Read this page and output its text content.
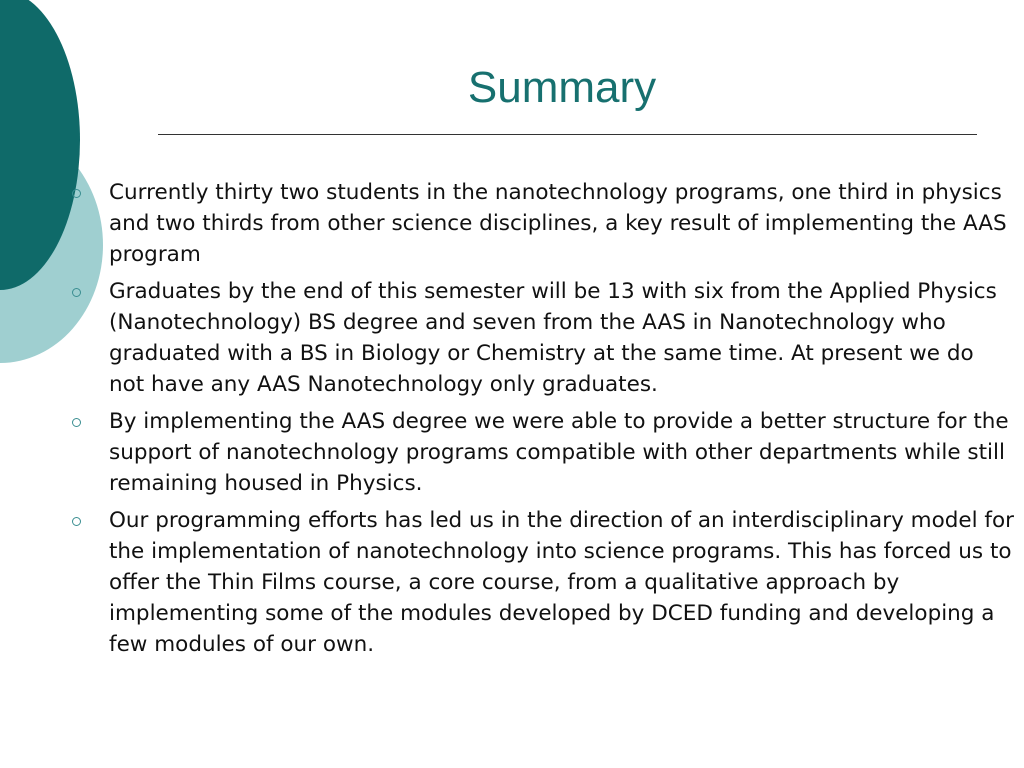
Summary
Currently thirty two students in the nanotechnology programs, one third in physics and two thirds from other science disciplines, a key result of implementing the AAS program
Graduates by the end of this semester will be 13 with six from the Applied Physics (Nanotechnology) BS degree and seven from the AAS in Nanotechnology who graduated with a BS in Biology or Chemistry at the same time. At present we do not have any AAS Nanotechnology only graduates.
By implementing the AAS degree we were able to provide a better structure for the support of nanotechnology programs compatible with other departments while still remaining housed in Physics.
Our programming efforts has led us in the direction of an interdisciplinary model for the implementation of nanotechnology into science programs. This has forced us to offer the Thin Films course, a core course, from a qualitative approach by implementing some of the modules developed by DCED funding and developing a few modules of our own.
